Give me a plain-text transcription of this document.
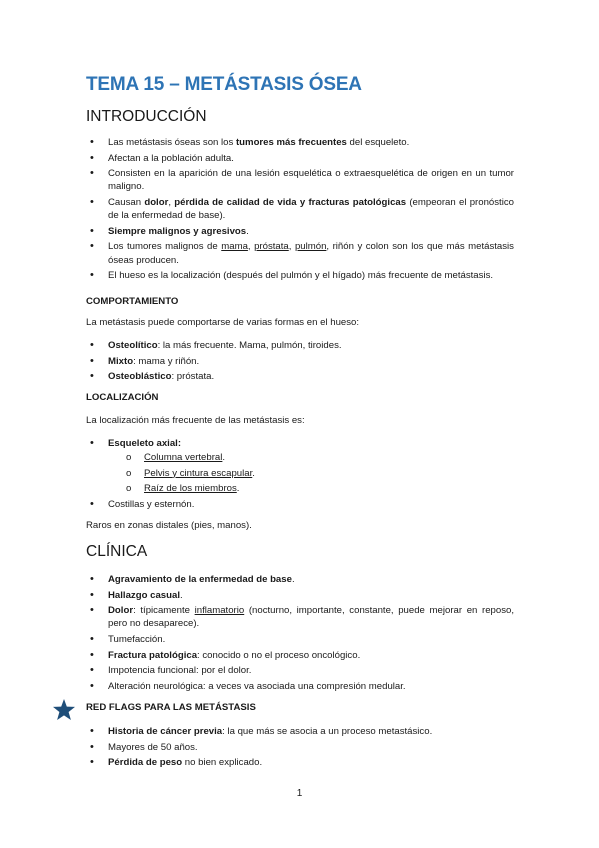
TEMA 15 – METÁSTASIS ÓSEA
INTRODUCCIÓN
• Las metástasis óseas son los tumores más frecuentes del esqueleto.
• Afectan a la población adulta.
• Consisten en la aparición de una lesión esquelética o extraesquelética de origen en un tumor maligno.
• Causan dolor, pérdida de calidad de vida y fracturas patológicas (empeoran el pronóstico de la enfermedad de base).
• Siempre malignos y agresivos.
• Los tumores malignos de mama, próstata, pulmón, riñón y colon son los que más metástasis óseas producen.
• El hueso es la localización (después del pulmón y el hígado) más frecuente de metástasis.
COMPORTAMIENTO

La metástasis puede comportarse de varias formas en el hueso:

• Osteolítico: la más frecuente. Mama, pulmón, tiroides.
• Mixto: mama y riñón.
• Osteoblástico: próstata.
LOCALIZACIÓN

La localización más frecuente de las metástasis es:

• Esqueleto axial:
o Columna vertebral.
o Pelvis y cintura escapular.
o Raíz de los miembros.
• Costillas y esternón.

Raros en zonas distales (pies, manos).

CLÍNICA
• Agravamiento de la enfermedad de base.
• Hallazgo casual.
• Dolor: típicamente inflamatorio (nocturno, importante, constante, puede mejorar en reposo, pero no desaparece).
• Tumefacción.
• Fractura patológica: conocido o no el proceso oncológico.
• Impotencia funcional: por el dolor.
• Alteración neurológica: a veces va asociada una compresión medular.
RED FLAGS PARA LAS METÁSTASIS
• Historia de cáncer previa: la que más se asocia a un proceso metastásico.
• Mayores de 50 años.
• Pérdida de peso no bien explicado.

1
